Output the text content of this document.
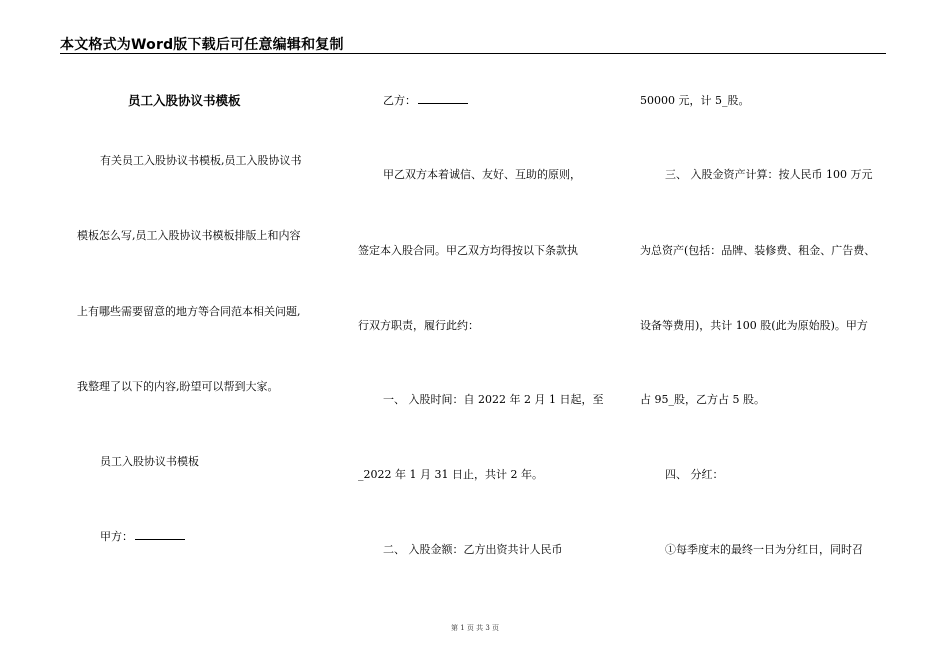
本文格式为Word版下载后可任意编辑和复制
员工入股协议书模板
有关员工入股协议书模板,员工入股协议书
模板怎么写,员工入股协议书模板排版上和内容
上有哪些需要留意的地方等合同范本相关问题,
我整理了以下的内容,盼望可以帮到大家。
员工入股协议书模板
甲方：
乙方：
甲乙双方本着诚信、友好、互助的原则，
签定本入股合同。甲乙双方均得按以下条款执
行双方职责，履行此约：
一、 入股时间：自 2022 年 2 月 1 日起，至
_2022 年 1 月 31 日止，共计 2 年。
二、 入股金额：乙方出资共计人民币
50000 元，计 5_股。
三、 入股金资产计算：按人民币 100 万元
为总资产(包括：品牌、装修费、租金、广告费、
设备等费用)，共计 100 股(此为原始股)。甲方
占 95_股，乙方占 5 股。
四、 分红：
①每季度末的最终一日为分红日，同时召
第 1 页 共 3 页
